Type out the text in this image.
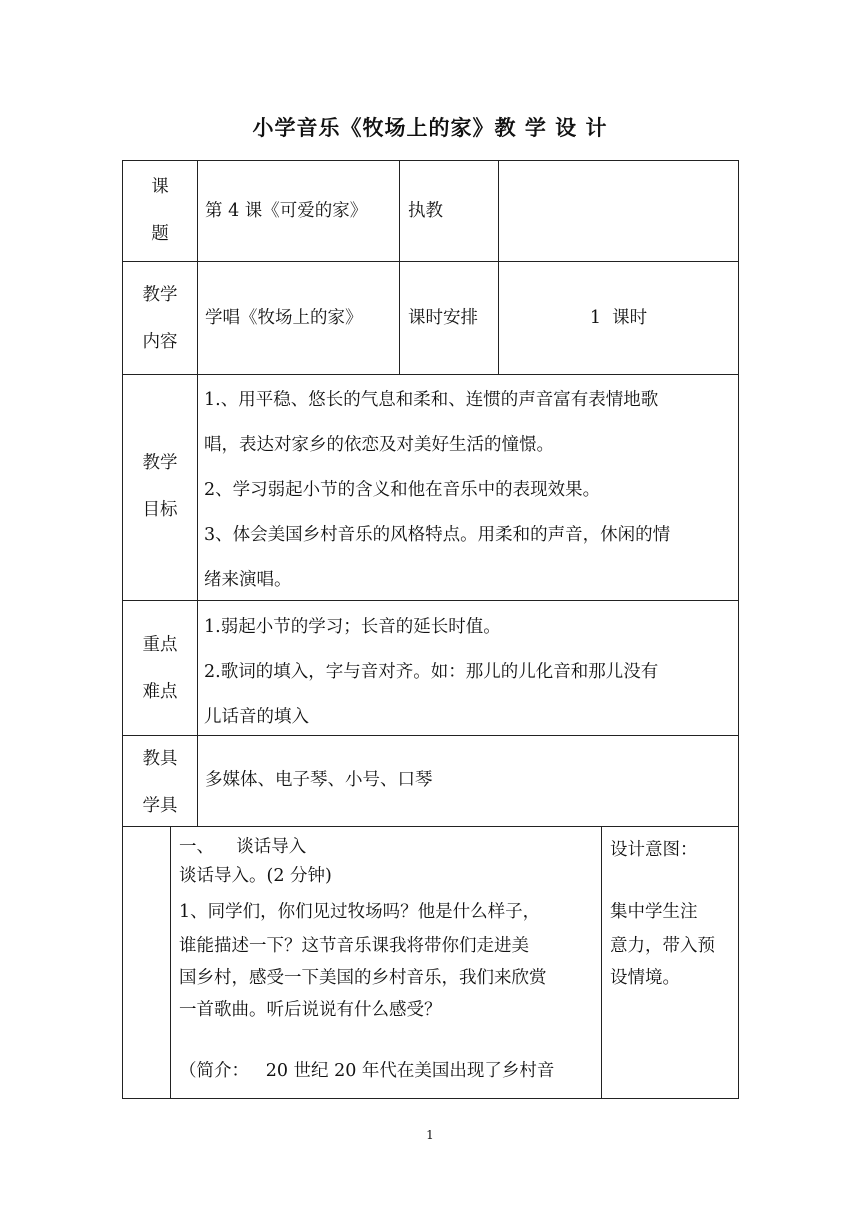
小学音乐《牧场上的家》教 学 设 计
课
题
第 4 课《可爱的家》 执教
教学
内容
学唱《牧场上的家》	课时安排	1  课时
教学
目标
1.、用平稳、悠长的气息和柔和、连惯的声音富有表情地歌
唱，表达对家乡的依恋及对美好生活的憧憬。
2、学习弱起小节的含义和他在音乐中的表现效果。
3、体会美国乡村音乐的风格特点。用柔和的声音，休闲的情
绪来演唱。
重点
难点
1.弱起小节的学习；长音的延长时值。
2.歌词的填入，字与音对齐。如：那儿的儿化音和那儿没有
儿话音的填入
教具
学具
多媒体、电子琴、小号、口琴
一、    谈话导入
谈话导入。(2 分钟)
1、同学们，你们见过牧场吗？他是什么样子，
谁能描述一下？这节音乐课我将带你们走进美
国乡村，感受一下美国的乡村音乐，我们来欣赏
一首歌曲。听后说说有什么感受？
（简介：   20 世纪 20 年代在美国出现了乡村音
设计意图：
集中学生注
意力，带入预
设情境。
1
